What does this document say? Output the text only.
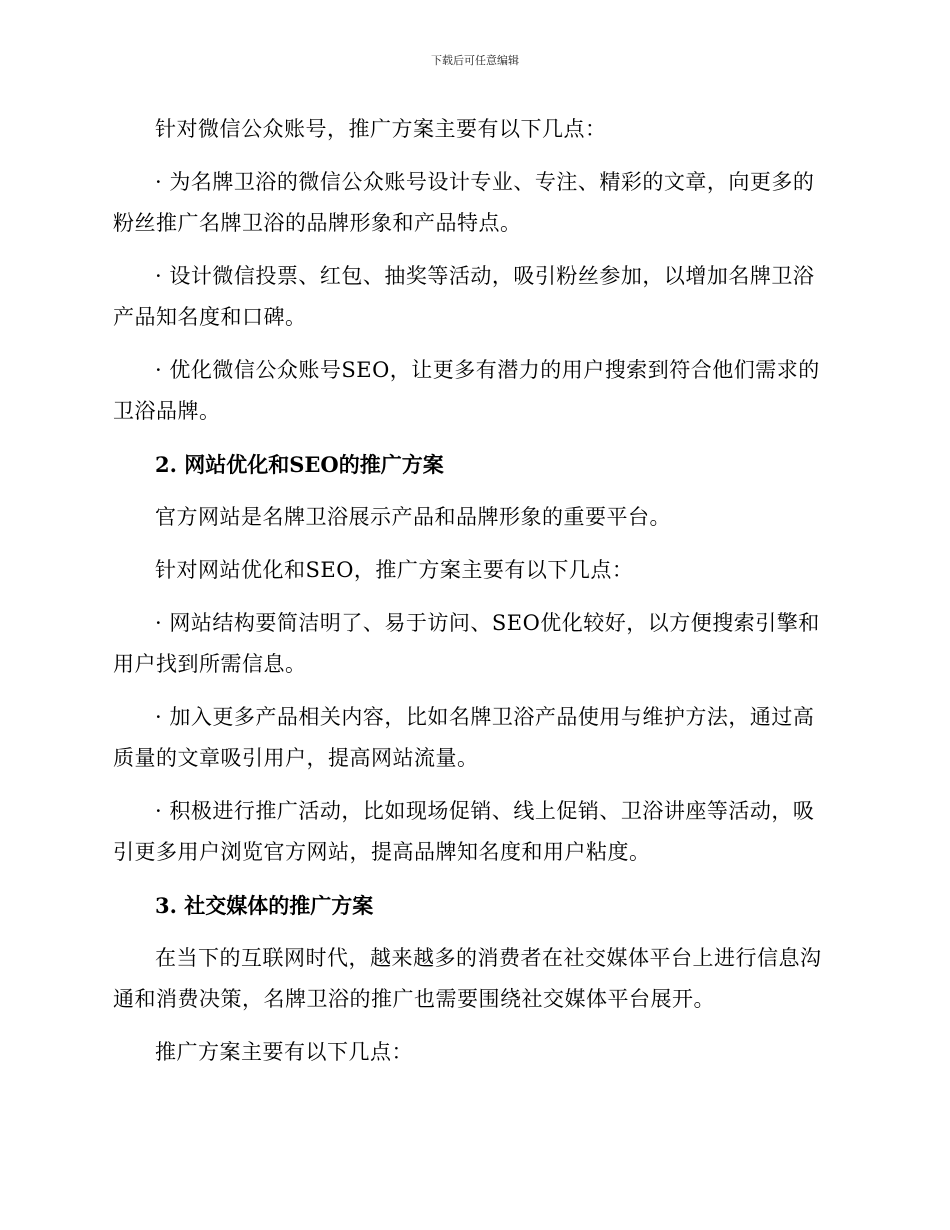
下载后可任意编辑

针对微信公众账号，推广方案主要有以下几点：

· 为名牌卫浴的微信公众账号设计专业、专注、精彩的文章，向更多的粉丝推广名牌卫浴的品牌形象和产品特点。

· 设计微信投票、红包、抽奖等活动，吸引粉丝参加，以增加名牌卫浴产品知名度和口碑。

· 优化微信公众账号SEO，让更多有潜力的用户搜索到符合他们需求的卫浴品牌。

2. 网站优化和SEO的推广方案

官方网站是名牌卫浴展示产品和品牌形象的重要平台。

针对网站优化和SEO，推广方案主要有以下几点：

· 网站结构要简洁明了、易于访问、SEO优化较好，以方便搜索引擎和用户找到所需信息。

· 加入更多产品相关内容，比如名牌卫浴产品使用与维护方法，通过高质量的文章吸引用户，提高网站流量。

· 积极进行推广活动，比如现场促销、线上促销、卫浴讲座等活动，吸引更多用户浏览官方网站，提高品牌知名度和用户粘度。

3. 社交媒体的推广方案

在当下的互联网时代，越来越多的消费者在社交媒体平台上进行信息沟通和消费决策，名牌卫浴的推广也需要围绕社交媒体平台展开。

推广方案主要有以下几点：
